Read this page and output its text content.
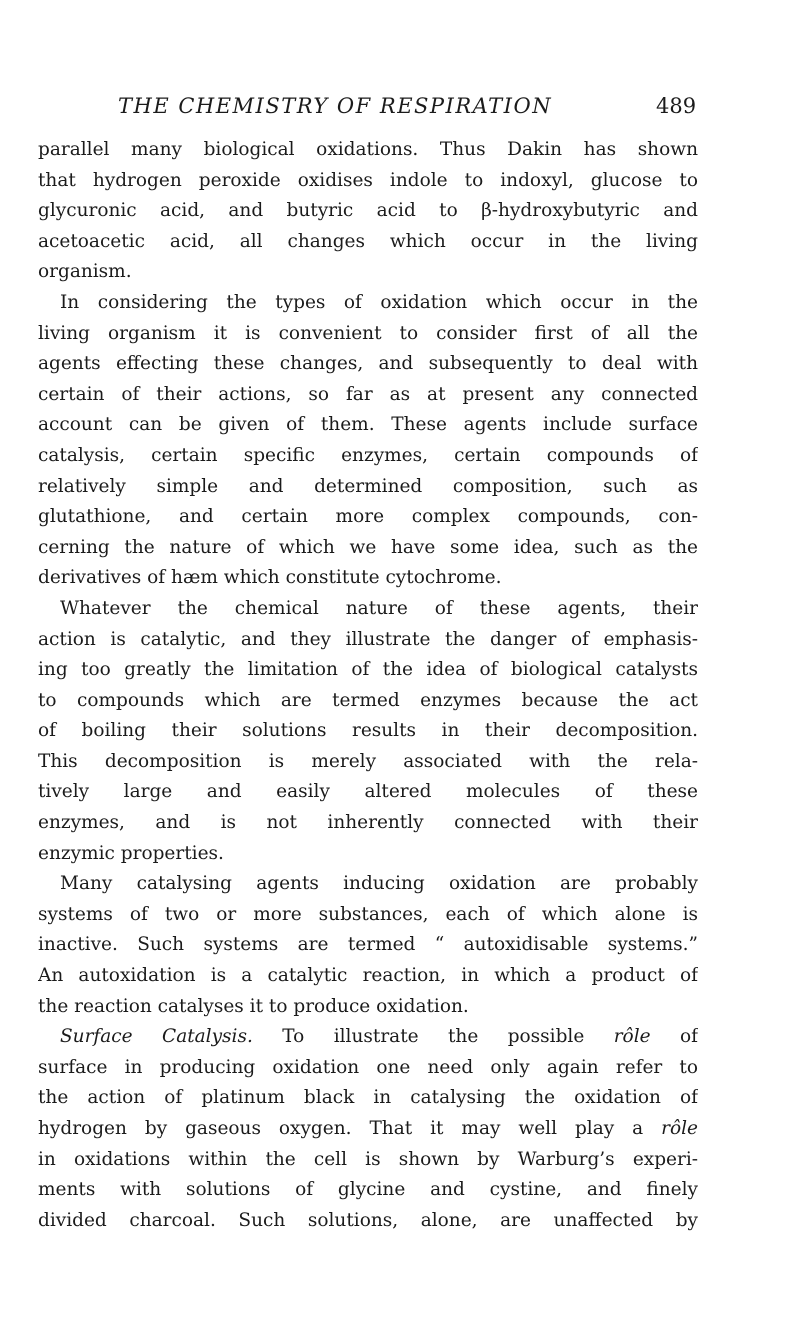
THE CHEMISTRY OF RESPIRATION	489
parallel many biological oxidations. Thus Dakin has shown
that hydrogen peroxide oxidises indole to indoxyl, glucose to
glycuronic acid, and butyric acid to β-hydroxybutyric and
acetoacetic acid, all changes which occur in the living
organism.
In considering the types of oxidation which occur in the
living organism it is convenient to consider first of all the
agents effecting these changes, and subsequently to deal with
certain of their actions, so far as at present any connected
account can be given of them. These agents include surface
catalysis, certain specific enzymes, certain compounds of
relatively simple and determined composition, such as
glutathione, and certain more complex compounds, con-
cerning the nature of which we have some idea, such as the
derivatives of hæm which constitute cytochrome.
Whatever the chemical nature of these agents, their
action is catalytic, and they illustrate the danger of emphasis-
ing too greatly the limitation of the idea of biological catalysts
to compounds which are termed enzymes because the act
of boiling their solutions results in their decomposition.
This decomposition is merely associated with the rela-
tively large and easily altered molecules of these
enzymes, and is not inherently connected with their
enzymic properties.
Many catalysing agents inducing oxidation are probably
systems of two or more substances, each of which alone is
inactive. Such systems are termed “ autoxidisable systems.”
An autoxidation is a catalytic reaction, in which a product of
the reaction catalyses it to produce oxidation.
Surface Catalysis. To illustrate the possible rôle of
surface in producing oxidation one need only again refer to
the action of platinum black in catalysing the oxidation of
hydrogen by gaseous oxygen. That it may well play a rôle
in oxidations within the cell is shown by Warburg’s experi-
ments with solutions of glycine and cystine, and finely
divided charcoal. Such solutions, alone, are unaffected by
